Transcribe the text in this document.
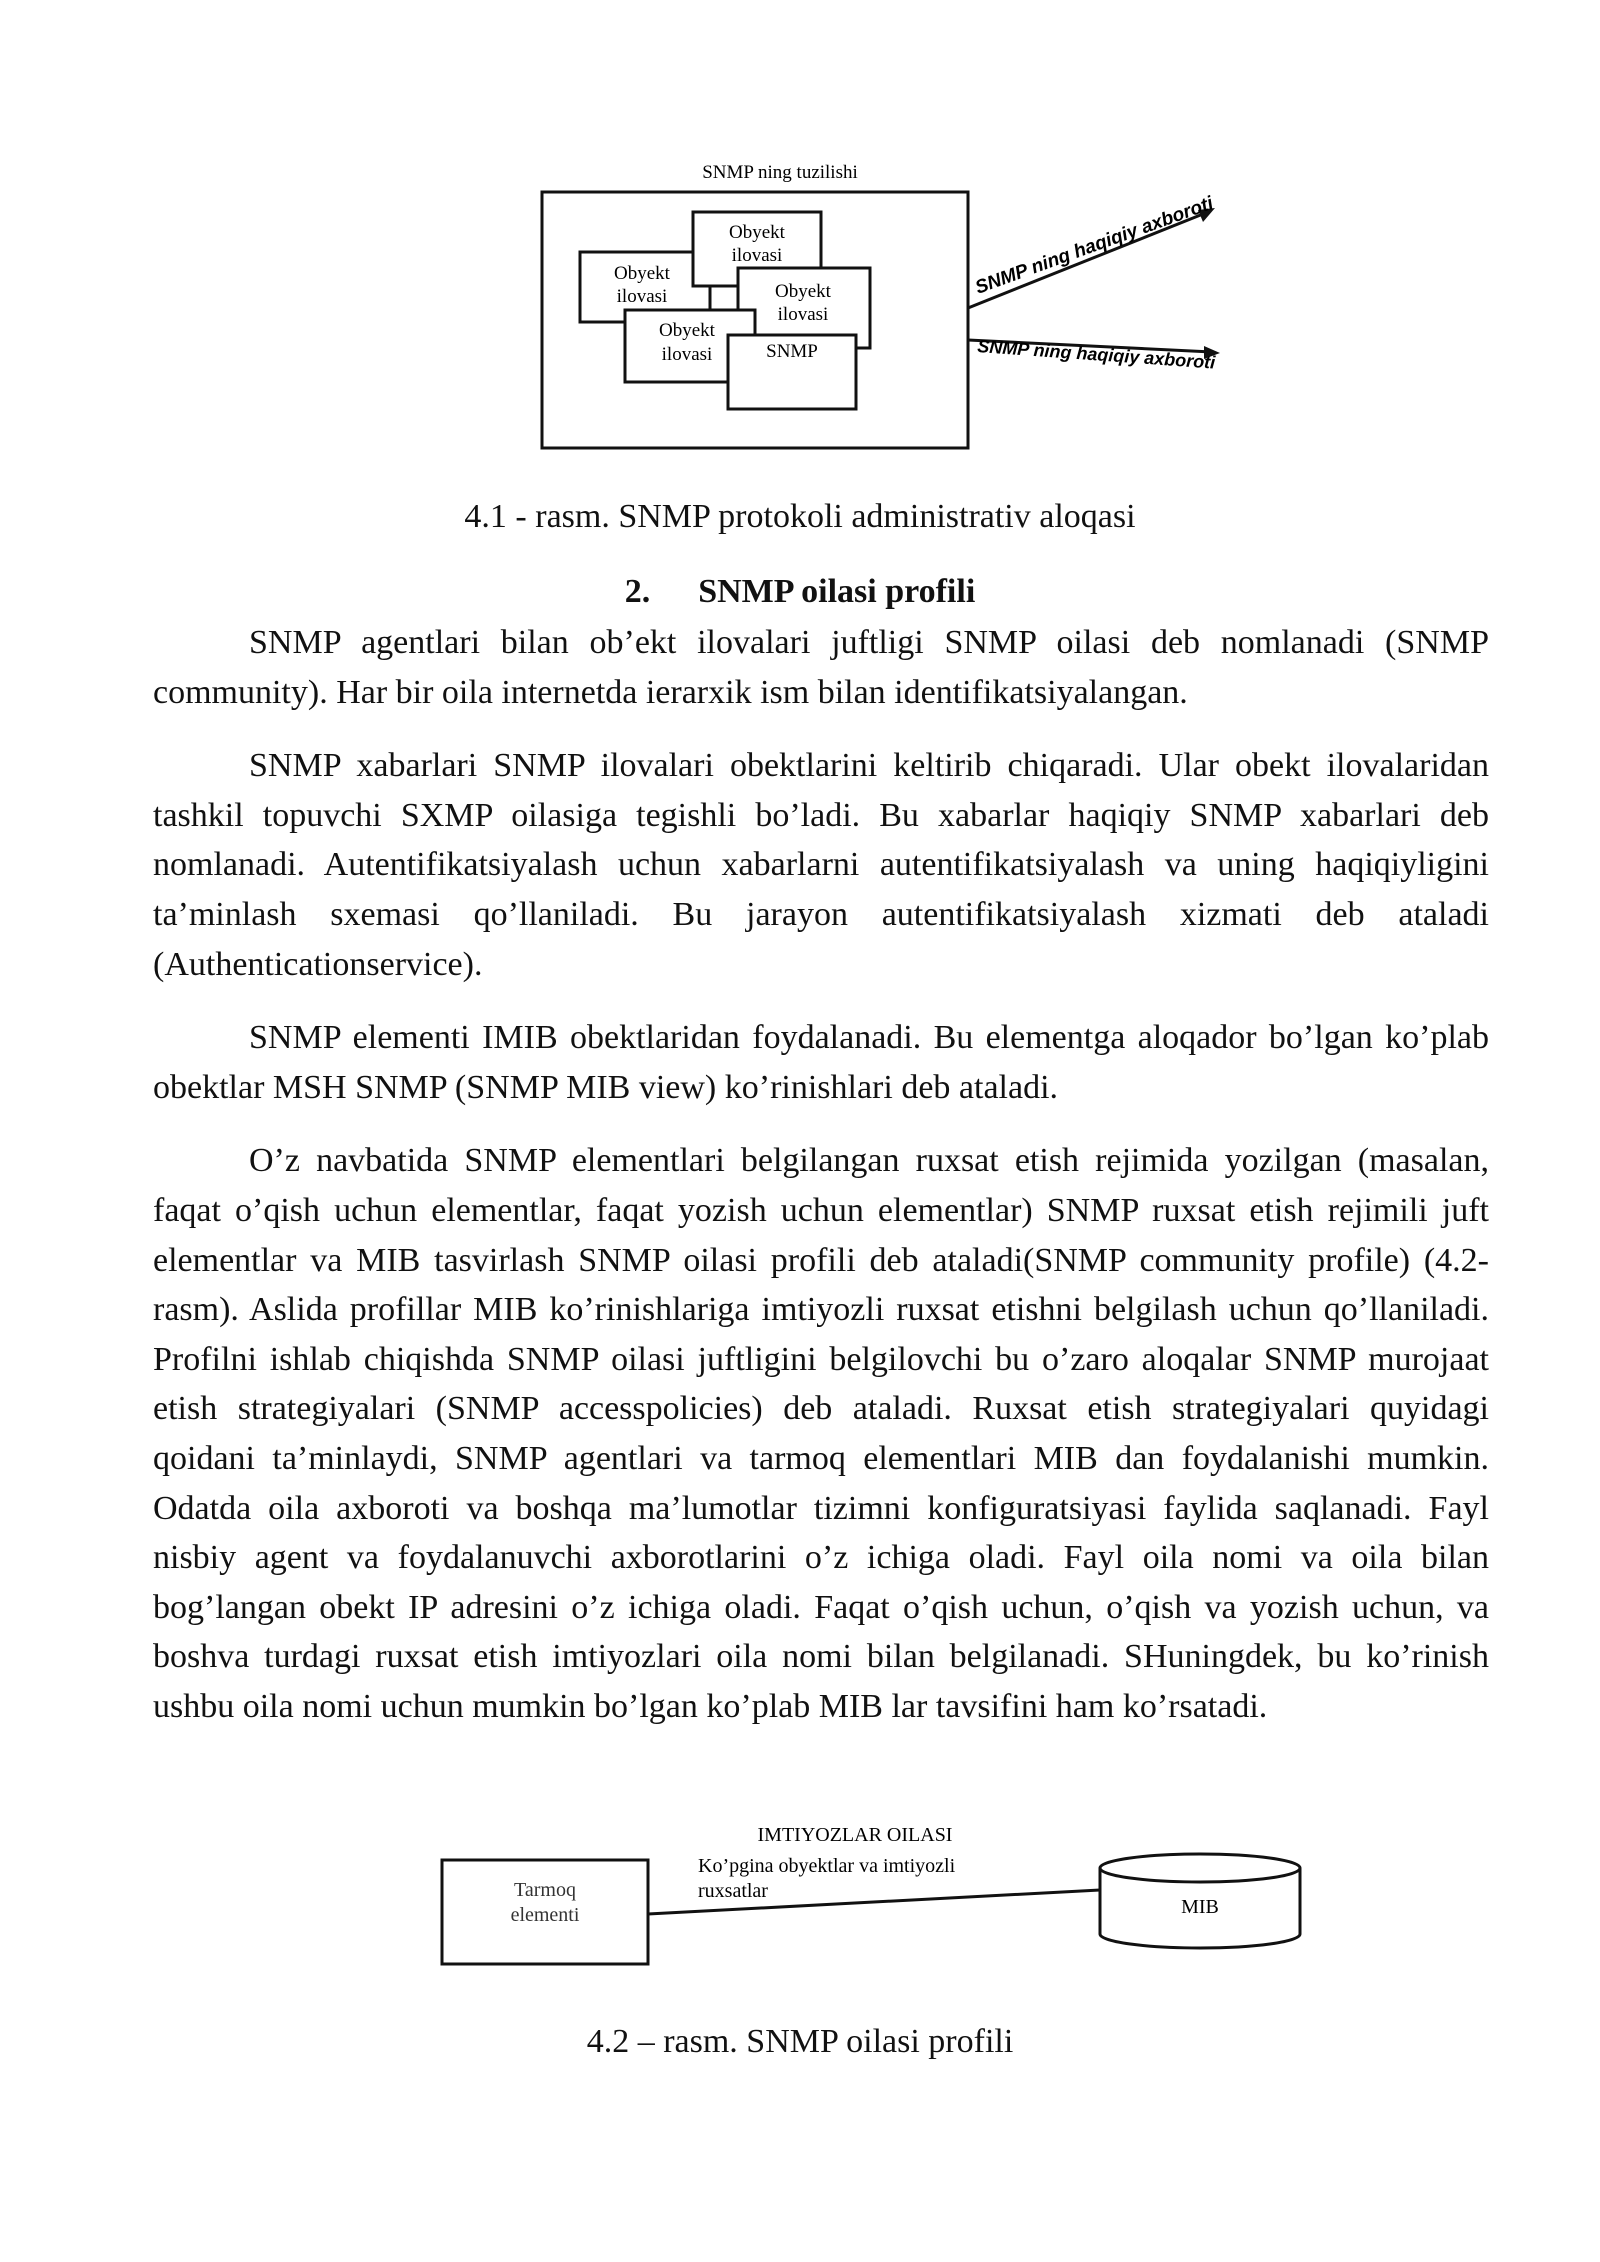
SNMP ning tuzilishi
Obyekt
ilovasi
Obyekt
ilovasi
Obyekt
ilovasi
Obyekt
ilovasi	SNMP
SNMP ning haqiqiy axboroti
SNMP ning haqiqiy axboroti
4.1 - rasm. SNMP protokoli administrativ aloqasi
2. SNMP oilasi profili

SNMP agentlari bilan ob’ekt ilovalari juftligi SNMP oilasi deb nomlanadi (SNMP community). Har bir oila internetda ierarxik ism bilan identifikatsiyalangan.

SNMP xabarlari SNMP ilovalari obektlarini keltirib chiqaradi. Ular obekt ilovalaridan tashkil topuvchi SXMP oilasiga tegishli bo’ladi. Bu xabarlar haqiqiy SNMP xabarlari deb nomlanadi. Autentifikatsiyalash uchun xabarlarni autentifikatsiyalash va uning haqiqiyligini ta’minlash sxemasi qo’llaniladi. Bu jarayon autentifikatsiyalash xizmati deb ataladi (Authenticationservice).

SNMP elementi IMIB obektlaridan foydalanadi. Bu elementga aloqador bo’lgan ko’plab obektlar MSH SNMP (SNMP MIB view) ko’rinishlari deb ataladi.

O’z navbatida SNMP elementlari belgilangan ruxsat etish rejimida yozilgan (masalan, faqat o’qish uchun elementlar, faqat yozish uchun elementlar) SNMP ruxsat etish rejimili juft elementlar va MIB tasvirlash SNMP oilasi profili deb ataladi(SNMP community profile) (4.2-rasm). Aslida profillar MIB ko’rinishlariga imtiyozli ruxsat etishni belgilash uchun qo’llaniladi. Profilni ishlab chiqishda SNMP oilasi juftligini belgilovchi bu o’zaro aloqalar SNMP murojaat etish strategiyalari (SNMP accesspolicies) deb ataladi. Ruxsat etish strategiyalari quyidagi qoidani ta’minlaydi, SNMP agentlari va tarmoq elementlari MIB dan foydalanishi mumkin. Odatda oila axboroti va boshqa ma’lumotlar tizimni konfiguratsiyasi faylida saqlanadi. Fayl nisbiy agent va foydalanuvchi axborotlarini o’z ichiga oladi. Fayl oila nomi va oila bilan bog’langan obekt IP adresini o’z ichiga oladi. Faqat o’qish uchun, o’qish va yozish uchun, va boshva turdagi ruxsat etish imtiyozlari oila nomi bilan belgilanadi. SHuningdek, bu ko’rinish ushbu oila nomi uchun mumkin bo’lgan ko’plab MIB lar tavsifini ham ko’rsatadi.

IMTIYOZLAR OILASI
Tarmoq
elementi
Ko’pgina obyektlar va imtiyozli
ruxsatlar
MIB
4.2 – rasm. SNMP oilasi profili
